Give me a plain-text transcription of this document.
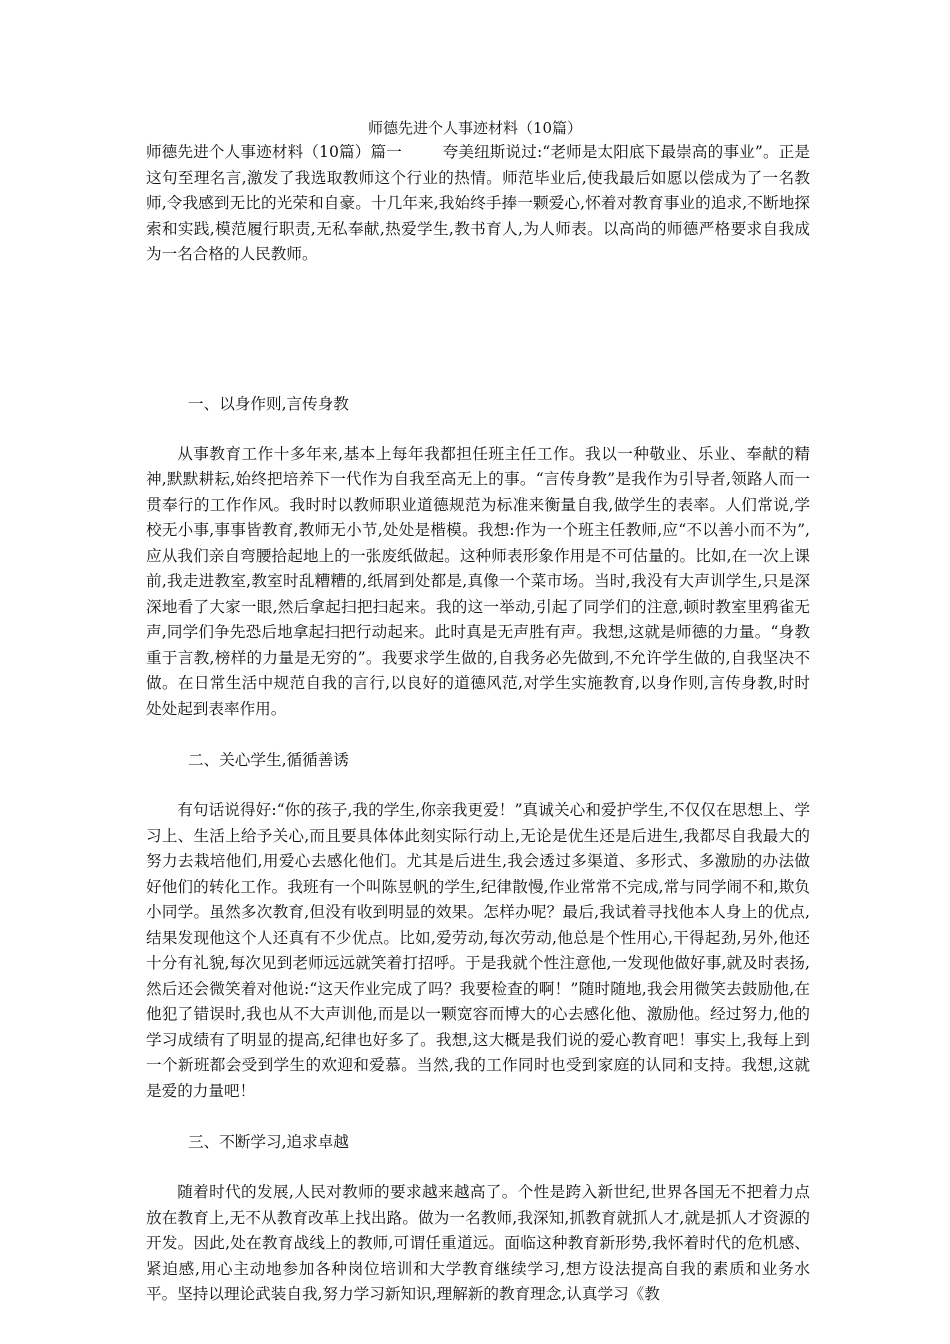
师德先进个人事迹材料（10篇）

师德先进个人事迹材料（10篇）篇一	夸美纽斯说过:“老师是太阳底下最崇高的事业”。正是这句至理名言,激发了我选取教师这个行业的热情。师范毕业后,使我最后如愿以偿成为了一名教师,令我感到无比的光荣和自豪。十几年来,我始终手捧一颗爱心,怀着对教育事业的追求,不断地探索和实践,模范履行职责,无私奉献,热爱学生,教书育人,为人师表。以高尚的师德严格要求自我成为一名合格的人民教师。

一、以身作则,言传身教

从事教育工作十多年来,基本上每年我都担任班主任工作。我以一种敬业、乐业、奉献的精神,默默耕耘,始终把培养下一代作为自我至高无上的事。“言传身教”是我作为引导者,领路人而一贯奉行的工作作风。我时时以教师职业道德规范为标准来衡量自我,做学生的表率。人们常说,学校无小事,事事皆教育,教师无小节,处处是楷模。我想:作为一个班主任教师,应“不以善小而不为”,应从我们亲自弯腰拾起地上的一张废纸做起。这种师表形象作用是不可估量的。比如,在一次上课前,我走进教室,教室时乱糟糟的,纸屑到处都是,真像一个菜市场。当时,我没有大声训学生,只是深深地看了大家一眼,然后拿起扫把扫起来。我的这一举动,引起了同学们的注意,顿时教室里鸦雀无声,同学们争先恐后地拿起扫把行动起来。此时真是无声胜有声。我想,这就是师德的力量。“身教重于言教,榜样的力量是无穷的”。我要求学生做的,自我务必先做到,不允许学生做的,自我坚决不做。在日常生活中规范自我的言行,以良好的道德风范,对学生实施教育,以身作则,言传身教,时时处处起到表率作用。

二、关心学生,循循善诱

有句话说得好:“你的孩子,我的学生,你亲我更爱！”真诚关心和爱护学生,不仅仅在思想上、学习上、生活上给予关心,而且要具体体此刻实际行动上,无论是优生还是后进生,我都尽自我最大的努力去栽培他们,用爱心去感化他们。尤其是后进生,我会透过多渠道、多形式、多激励的办法做好他们的转化工作。我班有一个叫陈昱帆的学生,纪律散慢,作业常常不完成,常与同学闹不和,欺负小同学。虽然多次教育,但没有收到明显的效果。怎样办呢？最后,我试着寻找他本人身上的优点,结果发现他这个人还真有不少优点。比如,爱劳动,每次劳动,他总是个性用心,干得起劲,另外,他还十分有礼貌,每次见到老师远远就笑着打招呼。于是我就个性注意他,一发现他做好事,就及时表扬,然后还会微笑着对他说:“这天作业完成了吗？我要检查的啊！”随时随地,我会用微笑去鼓励他,在他犯了错误时,我也从不大声训他,而是以一颗宽容而博大的心去感化他、激励他。经过努力,他的学习成绩有了明显的提高,纪律也好多了。我想,这大概是我们说的爱心教育吧！事实上,我每上到一个新班都会受到学生的欢迎和爱慕。当然,我的工作同时也受到家庭的认同和支持。我想,这就是爱的力量吧！

三、不断学习,追求卓越

随着时代的发展,人民对教师的要求越来越高了。个性是跨入新世纪,世界各国无不把着力点放在教育上,无不从教育改革上找出路。做为一名教师,我深知,抓教育就抓人才,就是抓人才资源的开发。因此,处在教育战线上的教师,可谓任重道远。面临这种教育新形势,我怀着时代的危机感、紧迫感,用心主动地参加各种岗位培训和大学教育继续学习,想方设法提高自我的素质和业务水平。坚持以理论武装自我,努力学习新知识,理解新的教育理念,认真学习《教
